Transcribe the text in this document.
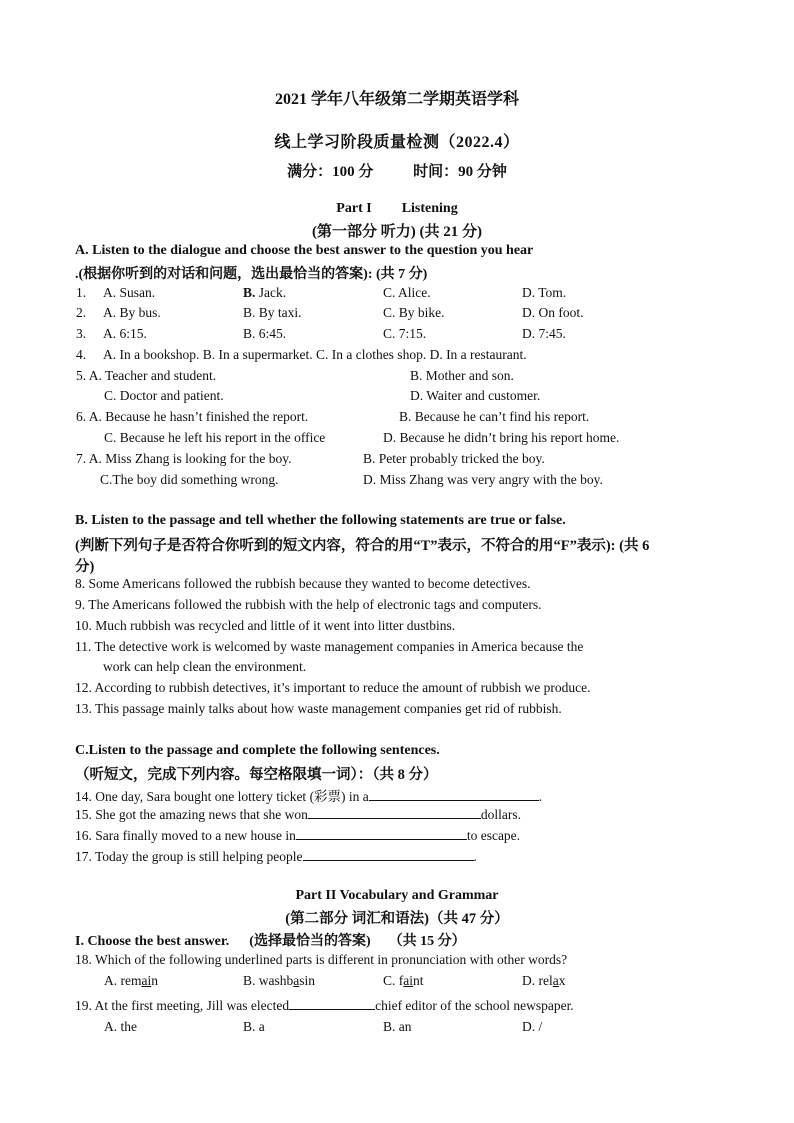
2021 学年八年级第二学期英语学科
线上学习阶段质量检测（2022.4）
满分：100 分	时间：90 分钟
Part I Listening
(第一部分 听力) (共 21 分)
A. Listen to the dialogue and choose the best answer to the question you hear
.(根据你听到的对话和问题，选出最恰当的答案): (共 7 分)
1. A. Susan.	B. Jack.	C. Alice.	D. Tom.
2. A. By bus.	B. By taxi.	C. By bike.	D. On foot.
3. A. 6:15.	B. 6:45.	C. 7:15.	D. 7:45.
4. A. In a bookshop. B. In a supermarket. C. In a clothes shop. D. In a restaurant.
5. A. Teacher and student.	B. Mother and son.
C. Doctor and patient.	D. Waiter and customer.
6. A. Because he hasn’t finished the report.	B. Because he can’t find his report.
C. Because he left his report in the office	D. Because he didn’t bring his report home.
7. A. Miss Zhang is looking for the boy.	B. Peter probably tricked the boy.
C.The boy did something wrong.	D. Miss Zhang was very angry with the boy.
B. Listen to the passage and tell whether the following statements are true or false.
(判断下列句子是否符合你听到的短文内容，符合的用“T”表示，不符合的用“F”表示): (共 6
分)
8. Some Americans followed the rubbish because they wanted to become detectives.
9. The Americans followed the rubbish with the help of electronic tags and computers.
10. Much rubbish was recycled and little of it went into litter dustbins.
11. The detective work is welcomed by waste management companies in America because the
work can help clean the environment.
12. According to rubbish detectives, it’s important to reduce the amount of rubbish we produce.
13. This passage mainly talks about how waste management companies get rid of rubbish.
C.Listen to the passage and complete the following sentences.
（听短文，完成下列内容。每空格限填一词）：（共 8 分）
14. One day, Sara bought one lottery ticket (彩票) in a	.
15. She got the amazing news that she won	dollars.
16. Sara finally moved to a new house in	to escape.
17. Today the group is still helping people	.
Part II Vocabulary and Grammar
(第二部分 词汇和语法)（共 47 分）
I. Choose the best answer. (选择最恰当的答案) （共 15 分）
18. Which of the following underlined parts is different in pronunciation with other words?
A. remain	B. washbasin	C. faint	D. relax
19. At the first meeting, Jill was elected	chief editor of the school newspaper.
A. the	B. a	B. an	D. /
